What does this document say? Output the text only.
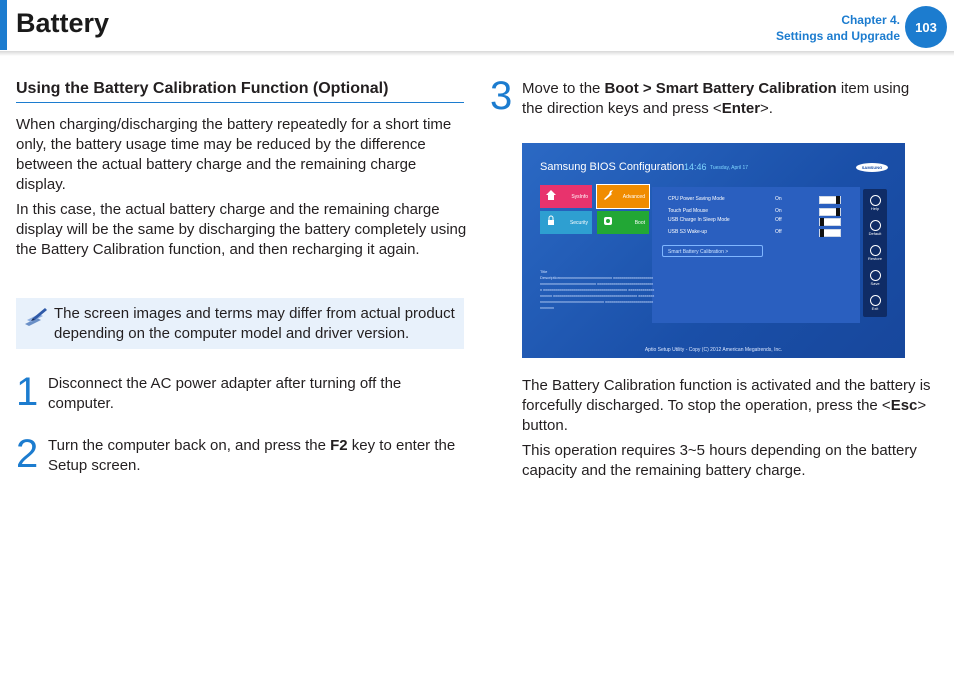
Battery	Chapter 4.
Settings and Upgrade
103
Using the Battery Calibration Function (Optional)
When charging/discharging the battery repeatedly for a short time only, the battery usage time may be reduced by the difference between the actual battery charge and the remaining charge display.
In this case, the actual battery charge and the remaining charge display will be the same by discharging the battery completely using the Battery Calibration function, and then recharging it again.
The screen images and terms may differ from actual product depending on the computer model and driver version.
1 Disconnect the AC power adapter after turning off the computer.
2 Turn the computer back on, and press the F2 key to enter the Setup screen.
3 Move to the Boot > Smart Battery Calibration item using the direction keys and press <Enter>.
Samsung BIOS Configuration 14:46 Tuesday, April 17	SAMSUNG
SysInfo	Advanced
Security	Boot
CPU Power Saving Mode	On
Touch Pad Mouse	On
USB Charge In Sleep Mode	Off
USB S3 Wake-up	Off
Smart Battery Calibration >
Title
Descriptionxxxxxxxxxxxxxxxxxxxxxxxxxx xxxxxxxxxxxxxxxxxxxxxxxxxxxxxxxxxxxxxxxxxxxxxxxx xxxxxxxxxxxxxxxxxxxxxxxxxxxxx xxxxxxxxxxxxxxxxxxxxxxxxxxxxxxxxxxxxxxxxxx xxxxxxxxxxxxxxxxxxx xxxxxxxxxxxxxxxxxxxxxxxxxxxxxxxxxxxxxxxxxx xxxxxxxxxxxxxxxxxxxxxxxxxxxxxxxxxxxxxxxx xxxxxxxxxxxxxxxxxxxxxxxxxxxxxxx
Help
Default
Restore
Save
Exit
Aptio Setup Utility - Copy (C) 2012 American Megatrends, Inc.
The Battery Calibration function is activated and the battery is forcefully discharged. To stop the operation, press the <Esc> button.
This operation requires 3~5 hours depending on the battery capacity and the remaining battery charge.
